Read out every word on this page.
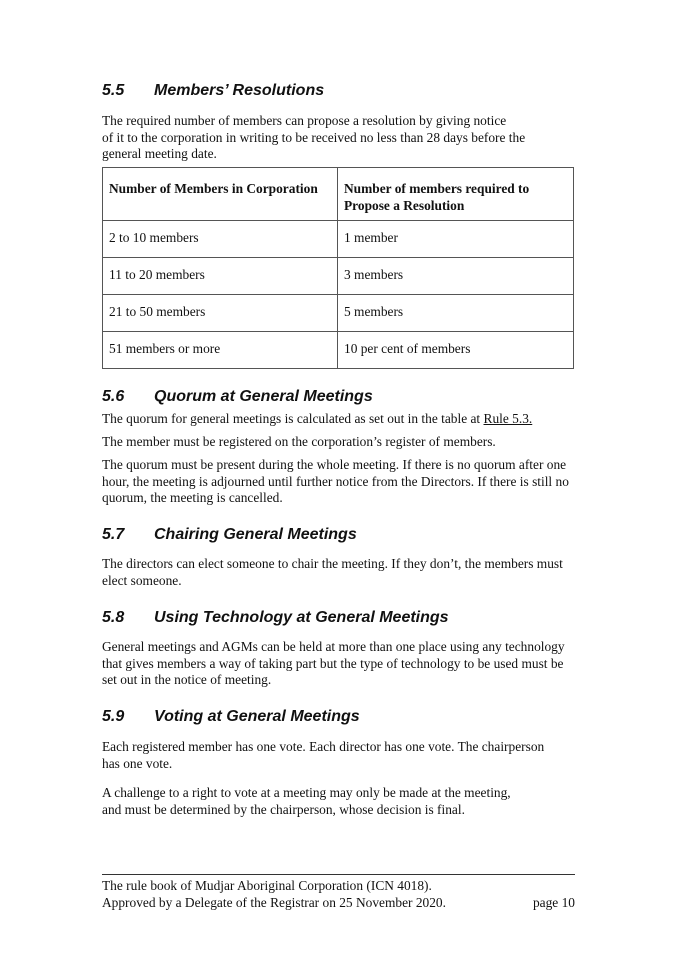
5.5 Members’ Resolutions

The required number of members can propose a resolution by giving notice
of it to the corporation in writing to be received no less than 28 days before the
general meeting date.

Number of Members in Corporation	Number of members required to Propose a Resolution
2 to 10 members	1 member
11 to 20 members	3 members
21 to 50 members	5 members
51 members or more	10 per cent of members
5.6 Quorum at General Meetings

The quorum for general meetings is calculated as set out in the table at Rule 5.3.

The member must be registered on the corporation’s register of members.

The quorum must be present during the whole meeting. If there is no quorum after one hour, the meeting is adjourned until further notice from the Directors. If there is still no quorum, the meeting is cancelled.

5.7 Chairing General Meetings

The directors can elect someone to chair the meeting. If they don’t, the members must elect someone.

5.8 Using Technology at General Meetings

General meetings and AGMs can be held at more than one place using any technology that gives members a way of taking part but the type of technology to be used must be set out in the notice of meeting.

5.9 Voting at General Meetings

Each registered member has one vote. Each director has one vote. The chairperson
has one vote.

A challenge to a right to vote at a meeting may only be made at the meeting,
and must be determined by the chairperson, whose decision is final.

The rule book of Mudjar Aboriginal Corporation (ICN 4018).

Approved by a Delegate of the Registrar on 25 November 2020.	page 10
